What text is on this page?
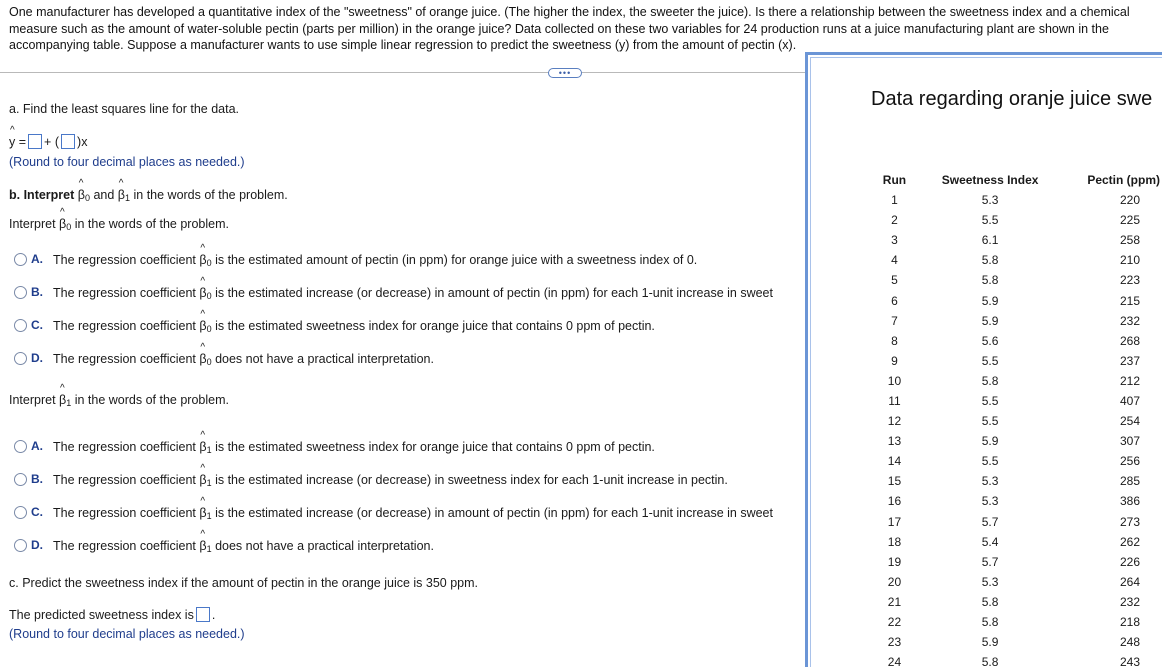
One manufacturer has developed a quantitative index of the "sweetness" of orange juice. (The higher the index, the sweeter the juice). Is there a relationship between the sweetness index and a chemical measure such as the amount of water-soluble pectin (parts per million) in the orange juice? Data collected on these two variables for 24 production runs at a juice manufacturing plant are shown in the accompanying table. Suppose a manufacturer wants to use simple linear regression to predict the sweetness (y) from the amount of pectin (x).
•••
a. Find the least squares line for the data.
^ y = + ( )x
(Round to four decimal places as needed.)
b. Interpret ^ $\beta_0$ and ^ $\beta_1$ in the words of the problem.
Interpret ^ $\beta_0$ in the words of the problem.
A. The regression coefficient ^ $\beta_0$ is the estimated amount of pectin (in ppm) for orange juice with a sweetness index of 0.
B. The regression coefficient ^ $\beta_0$ is the estimated increase (or decrease) in amount of pectin (in ppm) for each 1-unit increase in sweet
C. The regression coefficient ^ $\beta_0$ is the estimated sweetness index for orange juice that contains 0 ppm of pectin.
D. The regression coefficient ^ $\beta_0$ does not have a practical interpretation.
Interpret ^ $\beta_1$ in the words of the problem.
A. The regression coefficient ^ $\beta_1$ is the estimated sweetness index for orange juice that contains 0 ppm of pectin.
B. The regression coefficient ^ $\beta_1$ is the estimated increase (or decrease) in sweetness index for each 1-unit increase in pectin.
C. The regression coefficient ^ $\beta_1$ is the estimated increase (or decrease) in amount of pectin (in ppm) for each 1-unit increase in sweet
D. The regression coefficient ^ $\beta_1$ does not have a practical interpretation.
c. Predict the sweetness index if the amount of pectin in the orange juice is 350 ppm.
The predicted sweetness index is .
(Round to four decimal places as needed.)
Data regarding oranje juice swe
Run	Sweetness Index	Pectin (ppm)
1	5.3	220
2	5.5	225
3	6.1	258
4	5.8	210
5	5.8	223
6	5.9	215
7	5.9	232
8	5.6	268
9	5.5	237
10	5.8	212
11	5.5	407
12	5.5	254
13	5.9	307
14	5.5	256
15	5.3	285
16	5.3	386
17	5.7	273
18	5.4	262
19	5.7	226
20	5.3	264
21	5.8	232
22	5.8	218
23	5.9	248
24	5.8	243
